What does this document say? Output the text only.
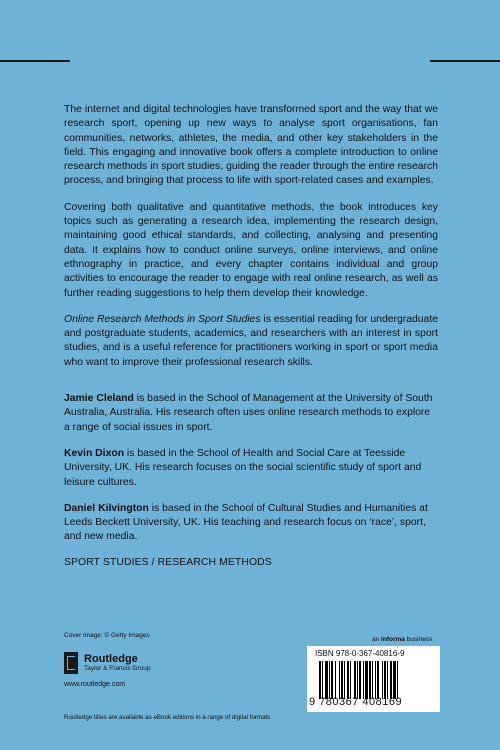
The internet and digital technologies have transformed sport and the way that we research sport, opening up new ways to analyse sport organisations, fan communities, networks, athletes, the media, and other key stakeholders in the field. This engaging and innovative book offers a complete introduction to online research methods in sport studies, guiding the reader through the entire research process, and bringing that process to life with sport-related cases and examples.

Covering both qualitative and quantitative methods, the book introduces key topics such as generating a research idea, implementing the research design, maintaining good ethical standards, and collecting, analysing and presenting data. It explains how to conduct online surveys, online interviews, and online ethnography in practice, and every chapter contains individual and group activities to encourage the reader to engage with real online research, as well as further reading suggestions to help them develop their knowledge.

Online Research Methods in Sport Studies is essential reading for undergraduate and postgraduate students, academics, and researchers with an interest in sport studies, and is a useful reference for practitioners working in sport or sport media who want to improve their professional research skills.

Jamie Cleland is based in the School of Management at the University of South Australia, Australia. His research often uses online research methods to explore a range of social issues in sport.

Kevin Dixon is based in the School of Health and Social Care at Teesside University, UK. His research focuses on the social scientific study of sport and leisure cultures.

Daniel Kilvington is based in the School of Cultural Studies and Humanities at Leeds Beckett University, UK. His teaching and research focus on ‘race’, sport, and new media.

SPORT STUDIES / RESEARCH METHODS
Cover image: © Getty Images
Routledge
Taylor & Francis Group
www.routledge.com
Routledge titles are available as eBook editions in a range of digital formats
an informa business
ISBN 978-0-367-40816-9
9 780367 408169
